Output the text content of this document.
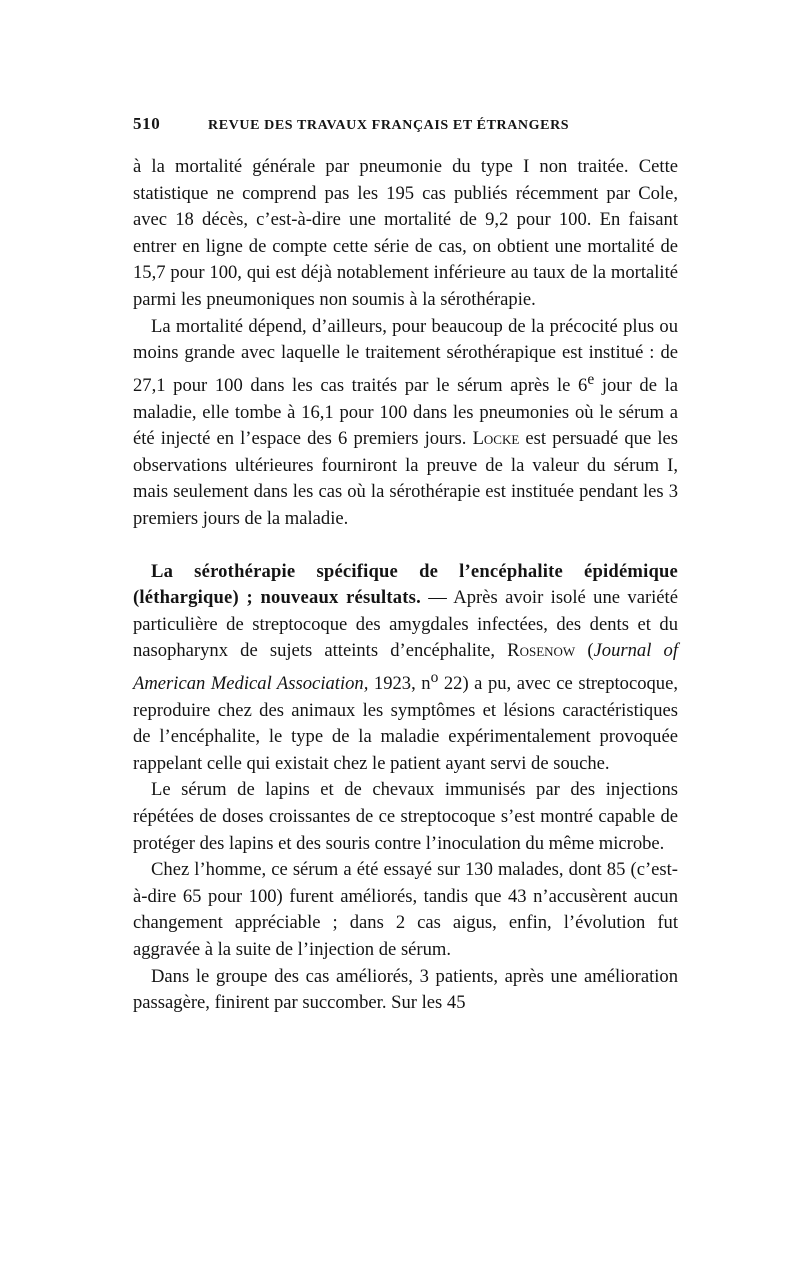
510	REVUE DES TRAVAUX FRANÇAIS ET ÉTRANGERS

à la mortalité générale par pneumonie du type I non traitée. Cette statistique ne comprend pas les 195 cas publiés récemment par Cole, avec 18 décès, c’est-à-dire une mortalité de 9,2 pour 100. En faisant entrer en ligne de compte cette série de cas, on obtient une mortalité de 15,7 pour 100, qui est déjà notablement inférieure au taux de la mortalité parmi les pneumoniques non soumis à la sérothérapie.

La mortalité dépend, d’ailleurs, pour beaucoup de la précocité plus ou moins grande avec laquelle le traitement sérothérapique est institué : de 27,1 pour 100 dans les cas traités par le sérum après le 6e jour de la maladie, elle tombe à 16,1 pour 100 dans les pneumonies où le sérum a été injecté en l’espace des 6 premiers jours. Locke est persuadé que les observations ultérieures fourniront la preuve de la valeur du sérum I, mais seulement dans les cas où la sérothérapie est instituée pendant les 3 premiers jours de la maladie.

La sérothérapie spécifique de l’encéphalite épidémique (léthargique) ; nouveaux résultats. — Après avoir isolé une variété particulière de streptocoque des amygdales infectées, des dents et du nasopharynx de sujets atteints d’encéphalite, Rosenow (Journal of American Medical Association, 1923, $n^o$ 22) a pu, avec ce streptocoque, reproduire chez des animaux les symptômes et lésions caractéristiques de l’encéphalite, le type de la maladie expérimentalement provoquée rappelant celle qui existait chez le patient ayant servi de souche.

Le sérum de lapins et de chevaux immunisés par des injections répétées de doses croissantes de ce streptocoque s’est montré capable de protéger des lapins et des souris contre l’inoculation du même microbe.

Chez l’homme, ce sérum a été essayé sur 130 malades, dont 85 (c’est-à-dire 65 pour 100) furent améliorés, tandis que 43 n’accusèrent aucun changement appréciable ; dans 2 cas aigus, enfin, l’évolution fut aggravée à la suite de l’injection de sérum.

Dans le groupe des cas améliorés, 3 patients, après une amélioration passagère, finirent par succomber. Sur les 45
